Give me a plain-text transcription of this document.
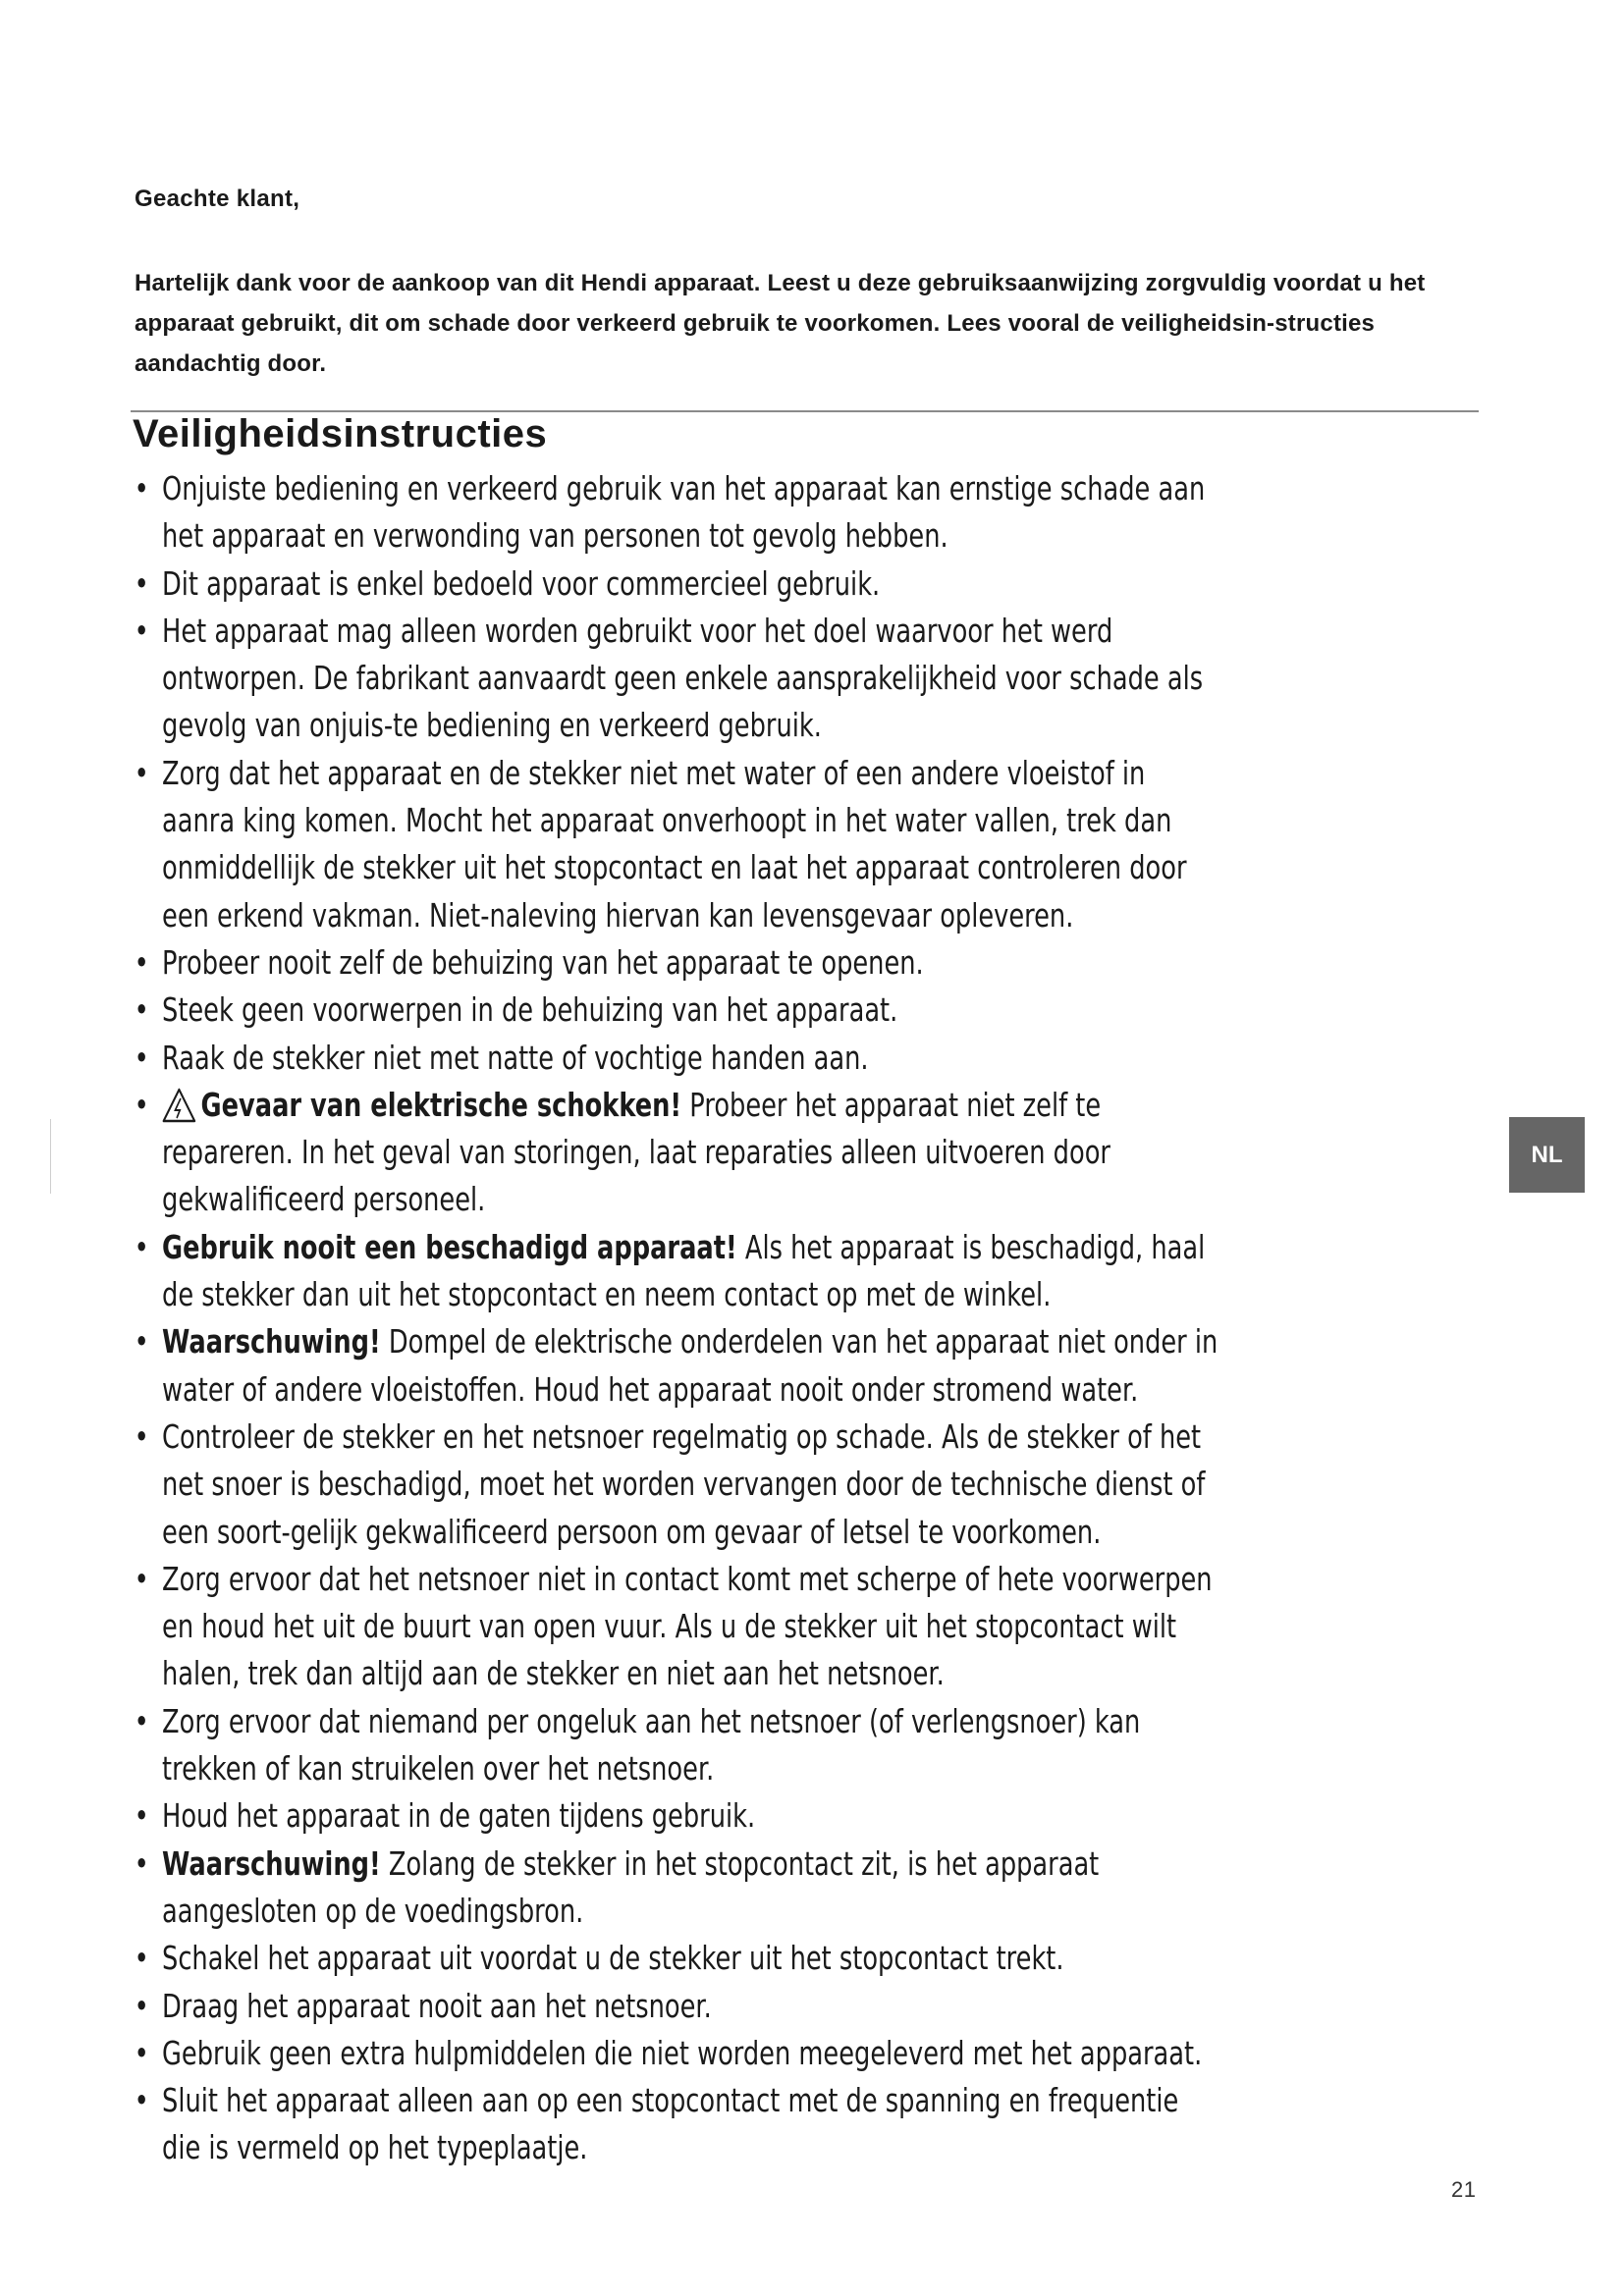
Geachte klant,
Hartelijk dank voor de aankoop van dit Hendi apparaat. Leest u deze gebruiksaanwijzing zorgvuldig voordat u het apparaat gebruikt, dit om schade door verkeerd gebruik te voorkomen. Lees vooral de veiligheidsin-structies aandachtig door.
Veiligheidsinstructies
• Onjuiste bediening en verkeerd gebruik van het apparaat kan ernstige schade aan het apparaat en verwonding van personen tot gevolg hebben.
• Dit apparaat is enkel bedoeld voor commercieel gebruik.
• Het apparaat mag alleen worden gebruikt voor het doel waarvoor het werd ontworpen. De fabrikant aanvaardt geen enkele aansprakelijkheid voor schade als gevolg van onjuis-te bediening en verkeerd gebruik.
• Zorg dat het apparaat en de stekker niet met water of een andere vloeistof in aanra king komen. Mocht het apparaat onverhoopt in het water vallen, trek dan onmiddellijk de stekker uit het stopcontact en laat het apparaat controleren door een erkend vakman. Niet-naleving hiervan kan levensgevaar opleveren.
• Probeer nooit zelf de behuizing van het apparaat te openen.
• Steek geen voorwerpen in de behuizing van het apparaat.
• Raak de stekker niet met natte of vochtige handen aan.
• Gevaar van elektrische schokken! Probeer het apparaat niet zelf te repareren. In het geval van storingen, laat reparaties alleen uitvoeren door gekwalificeerd personeel.
• Gebruik nooit een beschadigd apparaat! Als het apparaat is beschadigd, haal de stekker dan uit het stopcontact en neem contact op met de winkel.
• Waarschuwing! Dompel de elektrische onderdelen van het apparaat niet onder in water of andere vloeistoffen. Houd het apparaat nooit onder stromend water.
• Controleer de stekker en het netsnoer regelmatig op schade. Als de stekker of het net snoer is beschadigd, moet het worden vervangen door de technische dienst of een soort-gelijk gekwalificeerd persoon om gevaar of letsel te voorkomen.
• Zorg ervoor dat het netsnoer niet in contact komt met scherpe of hete voorwerpen en houd het uit de buurt van open vuur. Als u de stekker uit het stopcontact wilt halen, trek dan altijd aan de stekker en niet aan het netsnoer.
• Zorg ervoor dat niemand per ongeluk aan het netsnoer (of verlengsnoer) kan trekken of kan struikelen over het netsnoer.
• Houd het apparaat in de gaten tijdens gebruik.
• Waarschuwing! Zolang de stekker in het stopcontact zit, is het apparaat aangesloten op de voedingsbron.
• Schakel het apparaat uit voordat u de stekker uit het stopcontact trekt.
• Draag het apparaat nooit aan het netsnoer.
• Gebruik geen extra hulpmiddelen die niet worden meegeleverd met het apparaat.
• Sluit het apparaat alleen aan op een stopcontact met de spanning en frequentie die is vermeld op het typeplaatje.
NL
21
